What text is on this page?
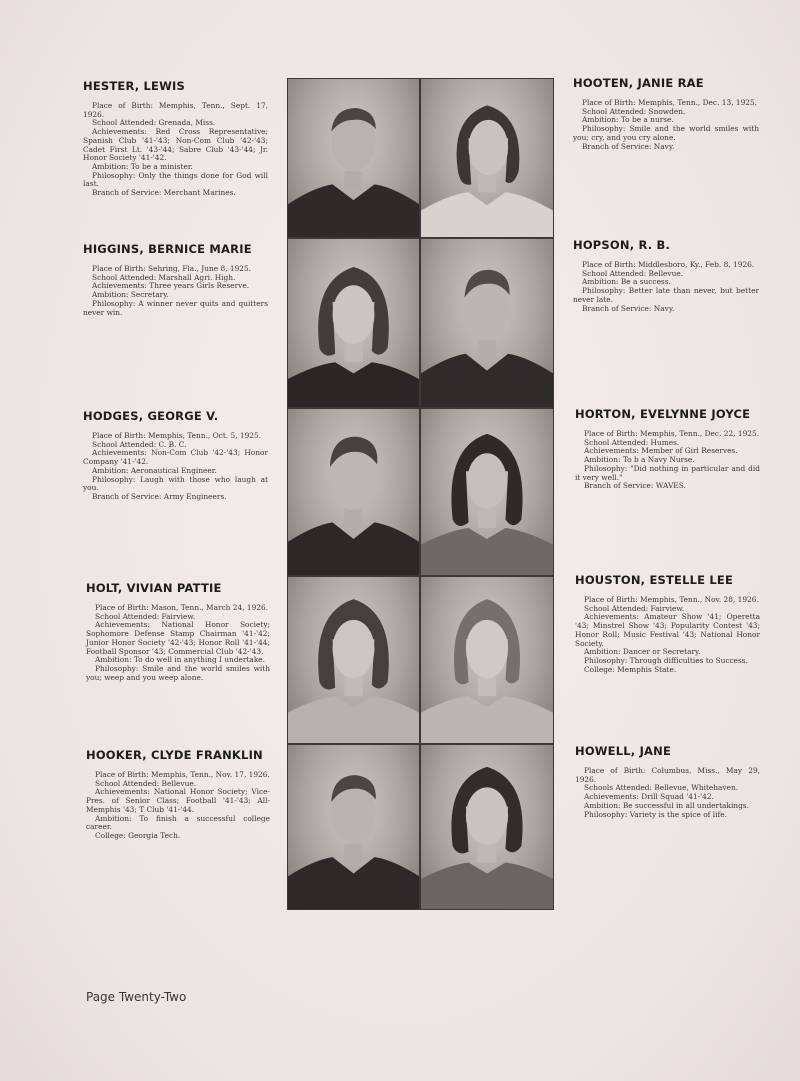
HESTER, LEWIS

Place of Birth: Memphis, Tenn., Sept. 17, 1926.

School Attended: Grenada, Miss.

Achievements: Red Cross Representative; Spanish Club '41-'43; Non-Com Club '42-'43; Cadet First Lt. '43-'44; Sabre Club '43-'44; Jr. Honor Society '41-'42.

Ambition: To be a minister.

Philosophy: Only the things done for God will last.

Branch of Service: Merchant Marines.

HIGGINS, BERNICE MARIE

Place of Birth: Sehring, Fla., June 8, 1925.

School Attended: Marshall Agri. High.

Achievements: Three years Girls Reserve.

Ambition: Secretary.

Philosophy: A winner never quits and quitters never win.

HODGES, GEORGE V.

Place of Birth: Memphis, Tenn., Oct. 5, 1925.

School Attended: C. B. C.

Achievements: Non-Com Club '42-'43; Honor Company '41-'42.

Ambition: Aeronautical Engineer.

Philosophy: Laugh with those who laugh at you.

Branch of Service: Army Engineers.

HOLT, VIVIAN PATTIE

Place of Birth: Mason, Tenn., March 24, 1926.

School Attended: Fairview.

Achievements: National Honor Society; Sophomore Defense Stamp Chairman '41-'42; Junior Honor Society '42-'43; Honor Roll '41-'44; Football Sponsor '43; Commercial Club '42-'43.

Ambition: To do well in anything I undertake.

Philosophy: Smile and the world smiles with you; weep and you weep alone.

HOOKER, CLYDE FRANKLIN

Place of Birth: Memphis, Tenn., Nov. 17, 1926.

School Attended: Bellevue.

Achievements: National Honor Society; Vice-Pres. of Senior Class; Football '41-'43; All-Memphis '43; T Club '41-'44.

Ambition: To finish a successful college career.

College: Georgia Tech.

HOOTEN, JANIE RAE

Place of Birth: Memphis, Tenn., Dec. 13, 1925.

School Attended: Snowden.

Ambition: To be a nurse.

Philosophy: Smile and the world smiles with you; cry, and you cry alone.

Branch of Service: Navy.

HOPSON, R. B.

Place of Birth: Middlesboro, Ky., Feb. 8, 1926.

School Attended: Bellevue.

Ambition: Be a success.

Philosophy: Better late than never, but better never late.

Branch of Service: Navy.

HORTON, EVELYNNE JOYCE

Place of Birth: Memphis, Tenn., Dec. 22, 1925.

School Attended: Humes.

Achievements: Member of Girl Reserves.

Ambition: To b a Navy Nurse.

Philosophy: "Did nothing in particular and did it very well."

Branch of Service: WAVES.

HOUSTON, ESTELLE LEE

Place of Birth: Memphis, Tenn., Nov. 28, 1926.

School Attended: Fairview.

Achievements: Amateur Show '41; Operetta '43; Minstrel Show '43; Popularity Contest '43; Honor Roll; Music Festival '43; National Honor Society.

Ambition: Dancer or Secretary.

Philosophy: Through difficulties to Success.

College: Memphis State.

HOWELL, JANE

Place of Birth: Columbus, Miss., May 29, 1926.

Schools Attended: Bellevue, Whitehaven.

Achievements: Drill Squad '41-'42.

Ambition: Be successful in all undertakings.

Philosophy: Variety is the spice of life.

Page Twenty-Two
